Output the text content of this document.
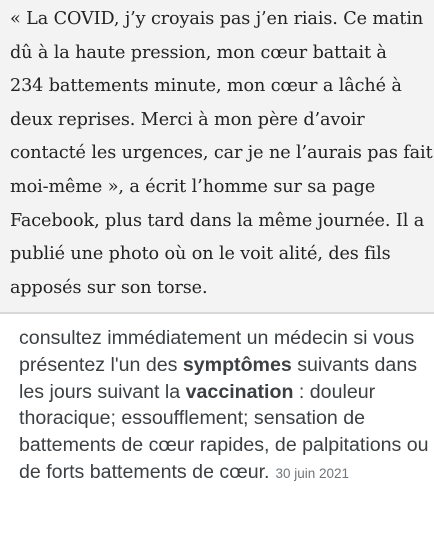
« La COVID, j’y croyais pas j’en riais. Ce matin
dû à la haute pression, mon cœur battait à
234 battements minute, mon cœur a lâché à
deux reprises. Merci à mon père d’avoir
contacté les urgences, car je ne l’aurais pas fait
moi-même », a écrit l’homme sur sa page
Facebook, plus tard dans la même journée. Il a
publié une photo où on le voit alité, des fils
apposés sur son torse.

consultez immédiatement un médecin si vous présentez l'un des symptômes suivants dans les jours suivant la vaccination : douleur thoracique; essoufflement; sensation de battements de cœur rapides, de palpitations ou de forts battements de cœur. 30 juin 2021
